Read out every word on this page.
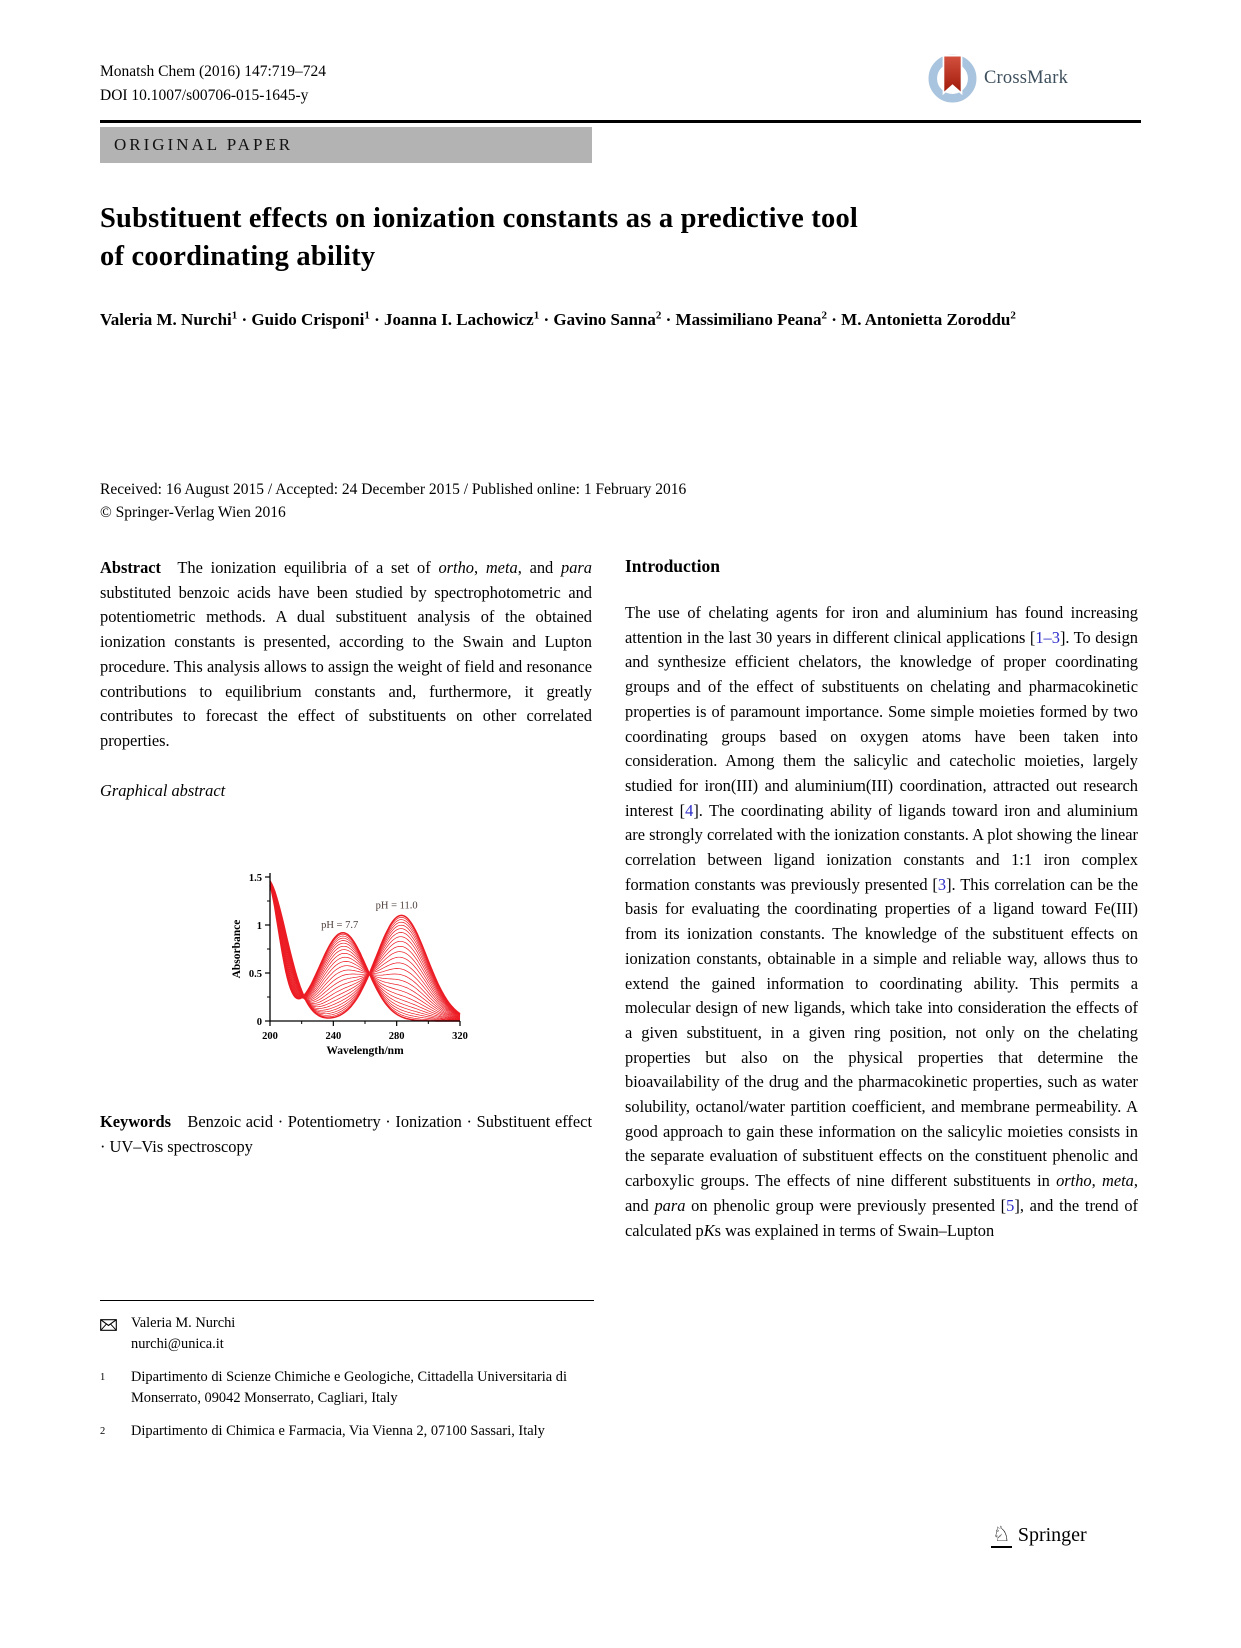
Monatsh Chem (2016) 147:719–724
DOI 10.1007/s00706-015-1645-y
CrossMark
ORIGINAL PAPER
Substituent effects on ionization constants as a predictive tool
of coordinating ability
Valeria M. Nurchi$^1$ · Guido Crisponi$^1$ · Joanna I. Lachowicz$^1$ · Gavino Sanna$^2$ · Massimiliano Peana$^2$ · M. Antonietta Zoroddu$^2$
Received: 16 August 2015 / Accepted: 24 December 2015 / Published online: 1 February 2016
© Springer-Verlag Wien 2016

Abstract The ionization equilibria of a set of ortho, meta, and para substituted benzoic acids have been studied by spectrophotometric and potentiometric methods. A dual substituent analysis of the obtained ionization constants is presented, according to the Swain and Lupton procedure. This analysis allows to assign the weight of field and resonance contributions to equilibrium constants and, furthermore, it greatly contributes to forecast the effect of substituents on other correlated properties.

Graphical abstract
0
0.5
1
1.5
200	240	280	320
Wavelength/nm
Absorbance	pH = 7.7
pH = 11.0

Keywords Benzoic acid · Potentiometry · Ionization · Substituent effect · UV–Vis spectroscopy

Valeria M. Nurchi
nurchi@unica.it
1	Dipartimento di Scienze Chimiche e Geologiche, Cittadella Universitaria di Monserrato, 09042 Monserrato, Cagliari, Italy
2	Dipartimento di Chimica e Farmacia, Via Vienna 2, 07100 Sassari, Italy
Introduction

The use of chelating agents for iron and aluminium has found increasing attention in the last 30 years in different clinical applications [1–3]. To design and synthesize efficient chelators, the knowledge of proper coordinating groups and of the effect of substituents on chelating and pharmacokinetic properties is of paramount importance. Some simple moieties formed by two coordinating groups based on oxygen atoms have been taken into consideration. Among them the salicylic and catecholic moieties, largely studied for iron(III) and aluminium(III) coordination, attracted out research interest [4]. The coordinating ability of ligands toward iron and aluminium are strongly correlated with the ionization constants. A plot showing the linear correlation between ligand ionization constants and 1:1 iron complex formation constants was previously presented [3]. This correlation can be the basis for evaluating the coordinating properties of a ligand toward Fe(III) from its ionization constants. The knowledge of the substituent effects on ionization constants, obtainable in a simple and reliable way, allows thus to extend the gained information to coordinating ability. This permits a molecular design of new ligands, which take into consideration the effects of a given substituent, in a given ring position, not only on the chelating properties but also on the physical properties that determine the bioavailability of the drug and the pharmacokinetic properties, such as water solubility, octanol/water partition coefficient, and membrane permeability. A good approach to gain these information on the salicylic moieties consists in the separate evaluation of substituent effects on the constituent phenolic and carboxylic groups. The effects of nine different substituents in ortho, meta, and para on phenolic group were previously presented [5], and the trend of calculated pKs was explained in terms of Swain–Lupton

♘ Springer
